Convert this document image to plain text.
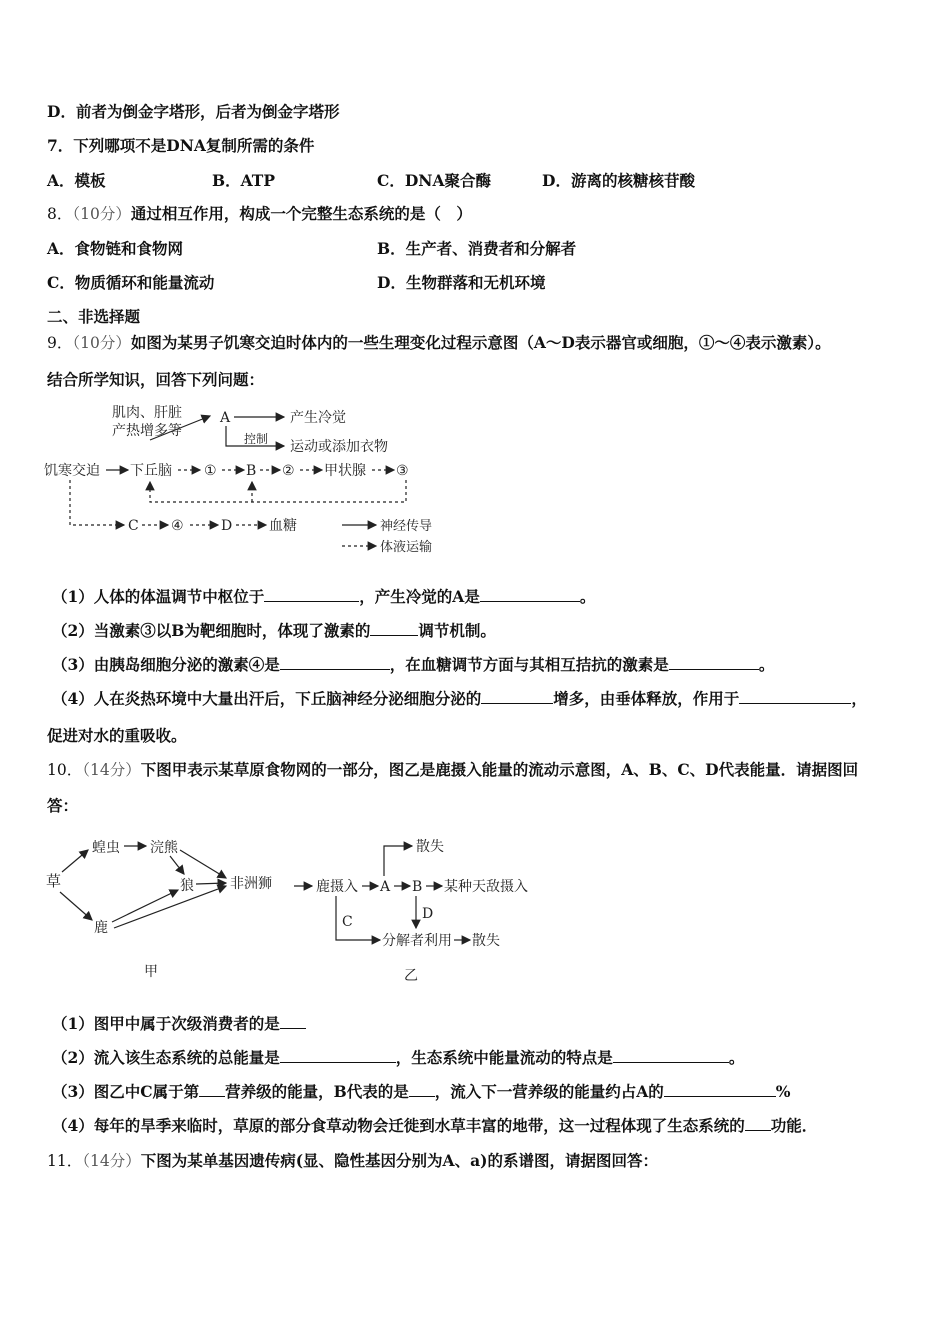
D．前者为倒金字塔形，后者为倒金字塔形
7．下列哪项不是DNA复制所需的条件
A．模板	B．ATP	C．DNA聚合酶	D．游离的核糖核苷酸
8．（10分）通过相互作用，构成一个完整生态系统的是（　）
A．食物链和食物网	B．生产者、消费者和分解者
C．物质循环和能量流动	D．生物群落和无机环境
二、非选择题
9．（10分）如图为某男子饥寒交迫时体内的一些生理变化过程示意图（A～D表示器官或细胞，①～④表示激素）。
结合所学知识，回答下列问题：
肌肉、肝脏
产热增多等
A	产生冷觉
控制 运动或添加衣物
饥寒交迫 下丘脑 ① B ② 甲状腺 ③
C ④	D	血糖	神经传导
体液运输
（1）人体的体温调节中枢位于	，产生冷觉的A是	。
（2）当激素③以B为靶细胞时，体现了激素的	调节机制。
（3）由胰岛细胞分泌的激素④是	，在血糖调节方面与其相互拮抗的激素是	。
（4）人在炎热环境中大量出汗后，下丘脑神经分泌细胞分泌的	增多，由垂体释放，作用于	，
促进对水的重吸收。
10．（14分）下图甲表示某草原食物网的一部分，图乙是鹿摄入能量的流动示意图，A、B、C、D代表能量．请据图回
答：
草
蝗虫 浣熊
狼	非洲狮
鹿
甲
鹿摄入 A B 某种天敌摄入
散失
D
C
分解者利用 散失
乙
（1）图甲中属于次级消费者的是
（2）流入该生态系统的总能量是	，生态系统中能量流动的特点是	。
（3）图乙中C属于第 营养级的能量，B代表的是 ，流入下一营养级的能量约占A的	%
（4）每年的旱季来临时，草原的部分食草动物会迁徙到水草丰富的地带，这一过程体现了生态系统的 功能．
11．（14分）下图为某单基因遗传病(显、隐性基因分别为A、a)的系谱图，请据图回答：
